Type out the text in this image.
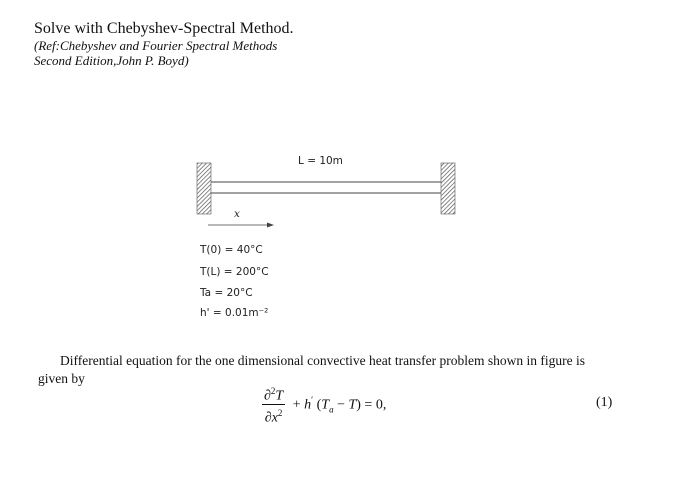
Solve with Chebyshev-Spectral Method.
(Ref:Chebyshev and Fourier Spectral Methods
Second Edition,John P. Boyd)
L = 10m
x
T(0) = 40°C
T(L) = 200°C
Ta = 20°C
h' = 0.01m⁻²
Differential equation for the one dimensional convective heat transfer problem shown in figure is given by
$\frac{\partial^2T}{\partial x^2} + h'$ $(T_a - T) = 0$,	(1)
